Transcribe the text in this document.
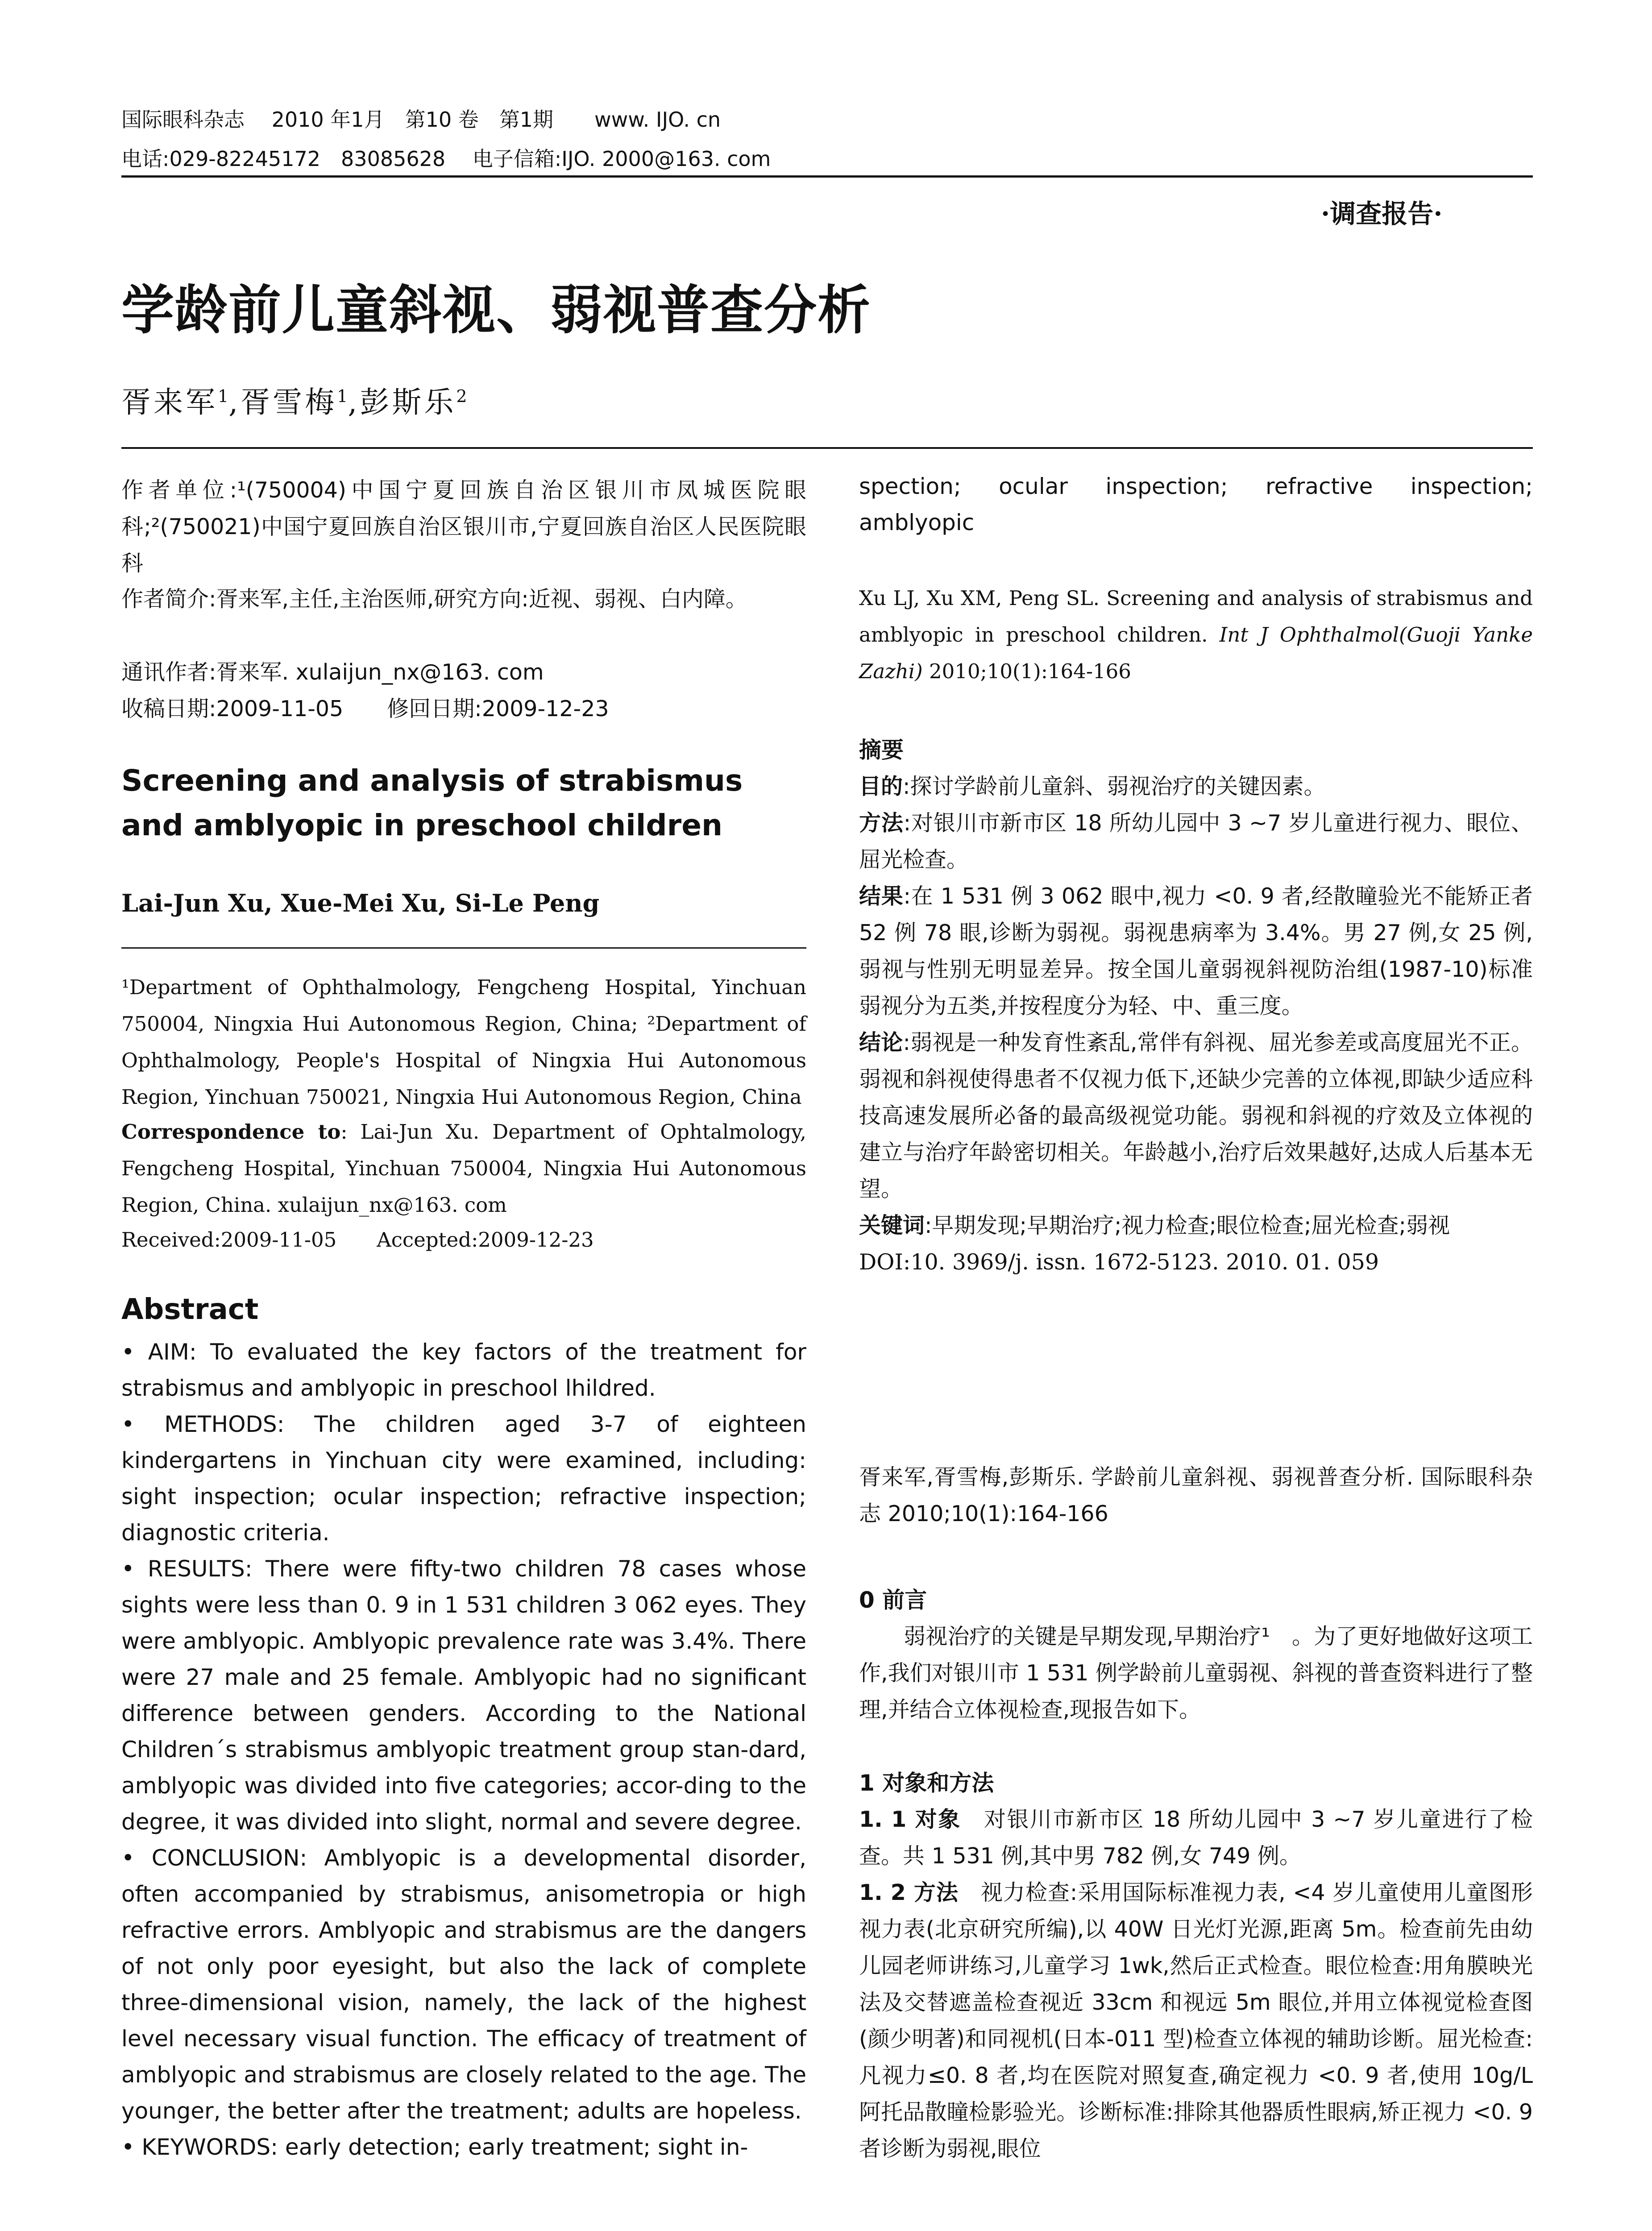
国际眼科杂志　 2010 年1月　第10 卷　第1期　　www. IJO. cn
电话:029-82245172　83085628　 电子信箱:IJO. 2000@163. com
·调查报告·
学龄前儿童斜视、弱视普查分析
胥来军$^1$,胥雪梅$^1$,彭斯乐$^2$
作者单位:¹(750004)中国宁夏回族自治区银川市凤城医院眼科;²(750021)中国宁夏回族自治区银川市,宁夏回族自治区人民医院眼科
作者简介:胥来军,主任,主治医师,研究方向:近视、弱视、白内障。
通讯作者:胥来军. xulaijun_nx@163. com
收稿日期:2009-11-05　　修回日期:2009-12-23
Screening and analysis of strabismus and amblyopic in preschool children
Lai-Jun Xu, Xue-Mei Xu, Si-Le Peng
¹Department of Ophthalmology, Fengcheng Hospital, Yinchuan 750004, Ningxia Hui Autonomous Region, China; ²Department of Ophthalmology, People's Hospital of Ningxia Hui Autonomous Region, Yinchuan 750021, Ningxia Hui Autonomous Region, China
Correspondence to: Lai-Jun Xu. Department of Ophtalmology, Fengcheng Hospital, Yinchuan 750004, Ningxia Hui Autonomous Region, China. xulaijun_nx@163. com
Received:2009-11-05　　Accepted:2009-12-23
Abstract

• AIM: To evaluated the key factors of the treatment for strabismus and amblyopic in preschool lhildred.

• METHODS: The children aged 3-7 of eighteen kindergartens in Yinchuan city were examined, including: sight inspection; ocular inspection; refractive inspection; diagnostic criteria.

• RESULTS: There were fifty-two children 78 cases whose sights were less than 0. 9 in 1 531 children 3 062 eyes. They were amblyopic. Amblyopic prevalence rate was 3.4%. There were 27 male and 25 female. Amblyopic had no significant difference between genders. According to the National Children´s strabismus amblyopic treatment group stan-dard, amblyopic was divided into five categories; accor-ding to the degree, it was divided into slight, normal and severe degree.

• CONCLUSION: Amblyopic is a developmental disorder, often accompanied by strabismus, anisometropia or high refractive errors. Amblyopic and strabismus are the dangers of not only poor eyesight, but also the lack of complete three-dimensional vision, namely, the lack of the highest level necessary visual function. The efficacy of treatment of amblyopic and strabismus are closely related to the age. The younger, the better after the treatment; adults are hopeless.

• KEYWORDS: early detection; early treatment; sight in-

spection; ocular inspection; refractive inspection; amblyopic
Xu LJ, Xu XM, Peng SL. Screening and analysis of strabismus and amblyopic in preschool children. Int J Ophthalmol(Guoji Yanke Zazhi) 2010;10(1):164-166
摘要

目的:探讨学龄前儿童斜、弱视治疗的关键因素。

方法:对银川市新市区 18 所幼儿园中 3 ~7 岁儿童进行视力、眼位、屈光检查。

结果:在 1 531 例 3 062 眼中,视力 <0. 9 者,经散瞳验光不能矫正者 52 例 78 眼,诊断为弱视。弱视患病率为 3.4%。男 27 例,女 25 例,弱视与性别无明显差异。按全国儿童弱视斜视防治组(1987-10)标准弱视分为五类,并按程度分为轻、中、重三度。

结论:弱视是一种发育性紊乱,常伴有斜视、屈光参差或高度屈光不正。弱视和斜视使得患者不仅视力低下,还缺少完善的立体视,即缺少适应科技高速发展所必备的最高级视觉功能。弱视和斜视的疗效及立体视的建立与治疗年龄密切相关。年龄越小,治疗后效果越好,达成人后基本无望。

关键词:早期发现;早期治疗;视力检查;眼位检查;屈光检查;弱视

DOI:10. 3969/j. issn. 1672-5123. 2010. 01. 059

胥来军,胥雪梅,彭斯乐. 学龄前儿童斜视、弱视普查分析. 国际眼科杂志 2010;10(1):164-166
0 前言
弱视治疗的关键是早期发现,早期治疗¹　。为了更好地做好这项工作,我们对银川市 1 531 例学龄前儿童弱视、斜视的普查资料进行了整理,并结合立体视检查,现报告如下。
1 对象和方法
1. 1 对象　对银川市新市区 18 所幼儿园中 3 ~7 岁儿童进行了检查。共 1 531 例,其中男 782 例,女 749 例。
1. 2 方法　视力检查:采用国际标准视力表, <4 岁儿童使用儿童图形视力表(北京研究所编),以 40W 日光灯光源,距离 5m。检查前先由幼儿园老师讲练习,儿童学习 1wk,然后正式检查。眼位检查:用角膜映光法及交替遮盖检查视近 33cm 和视远 5m 眼位,并用立体视觉检查图(颜少明著)和同视机(日本-011 型)检查立体视的辅助诊断。屈光检查:凡视力≤0. 8 者,均在医院对照复查,确定视力 <0. 9 者,使用 10g/L 阿托品散瞳检影验光。诊断标准:排除其他器质性眼病,矫正视力 <0. 9 者诊断为弱视,眼位
